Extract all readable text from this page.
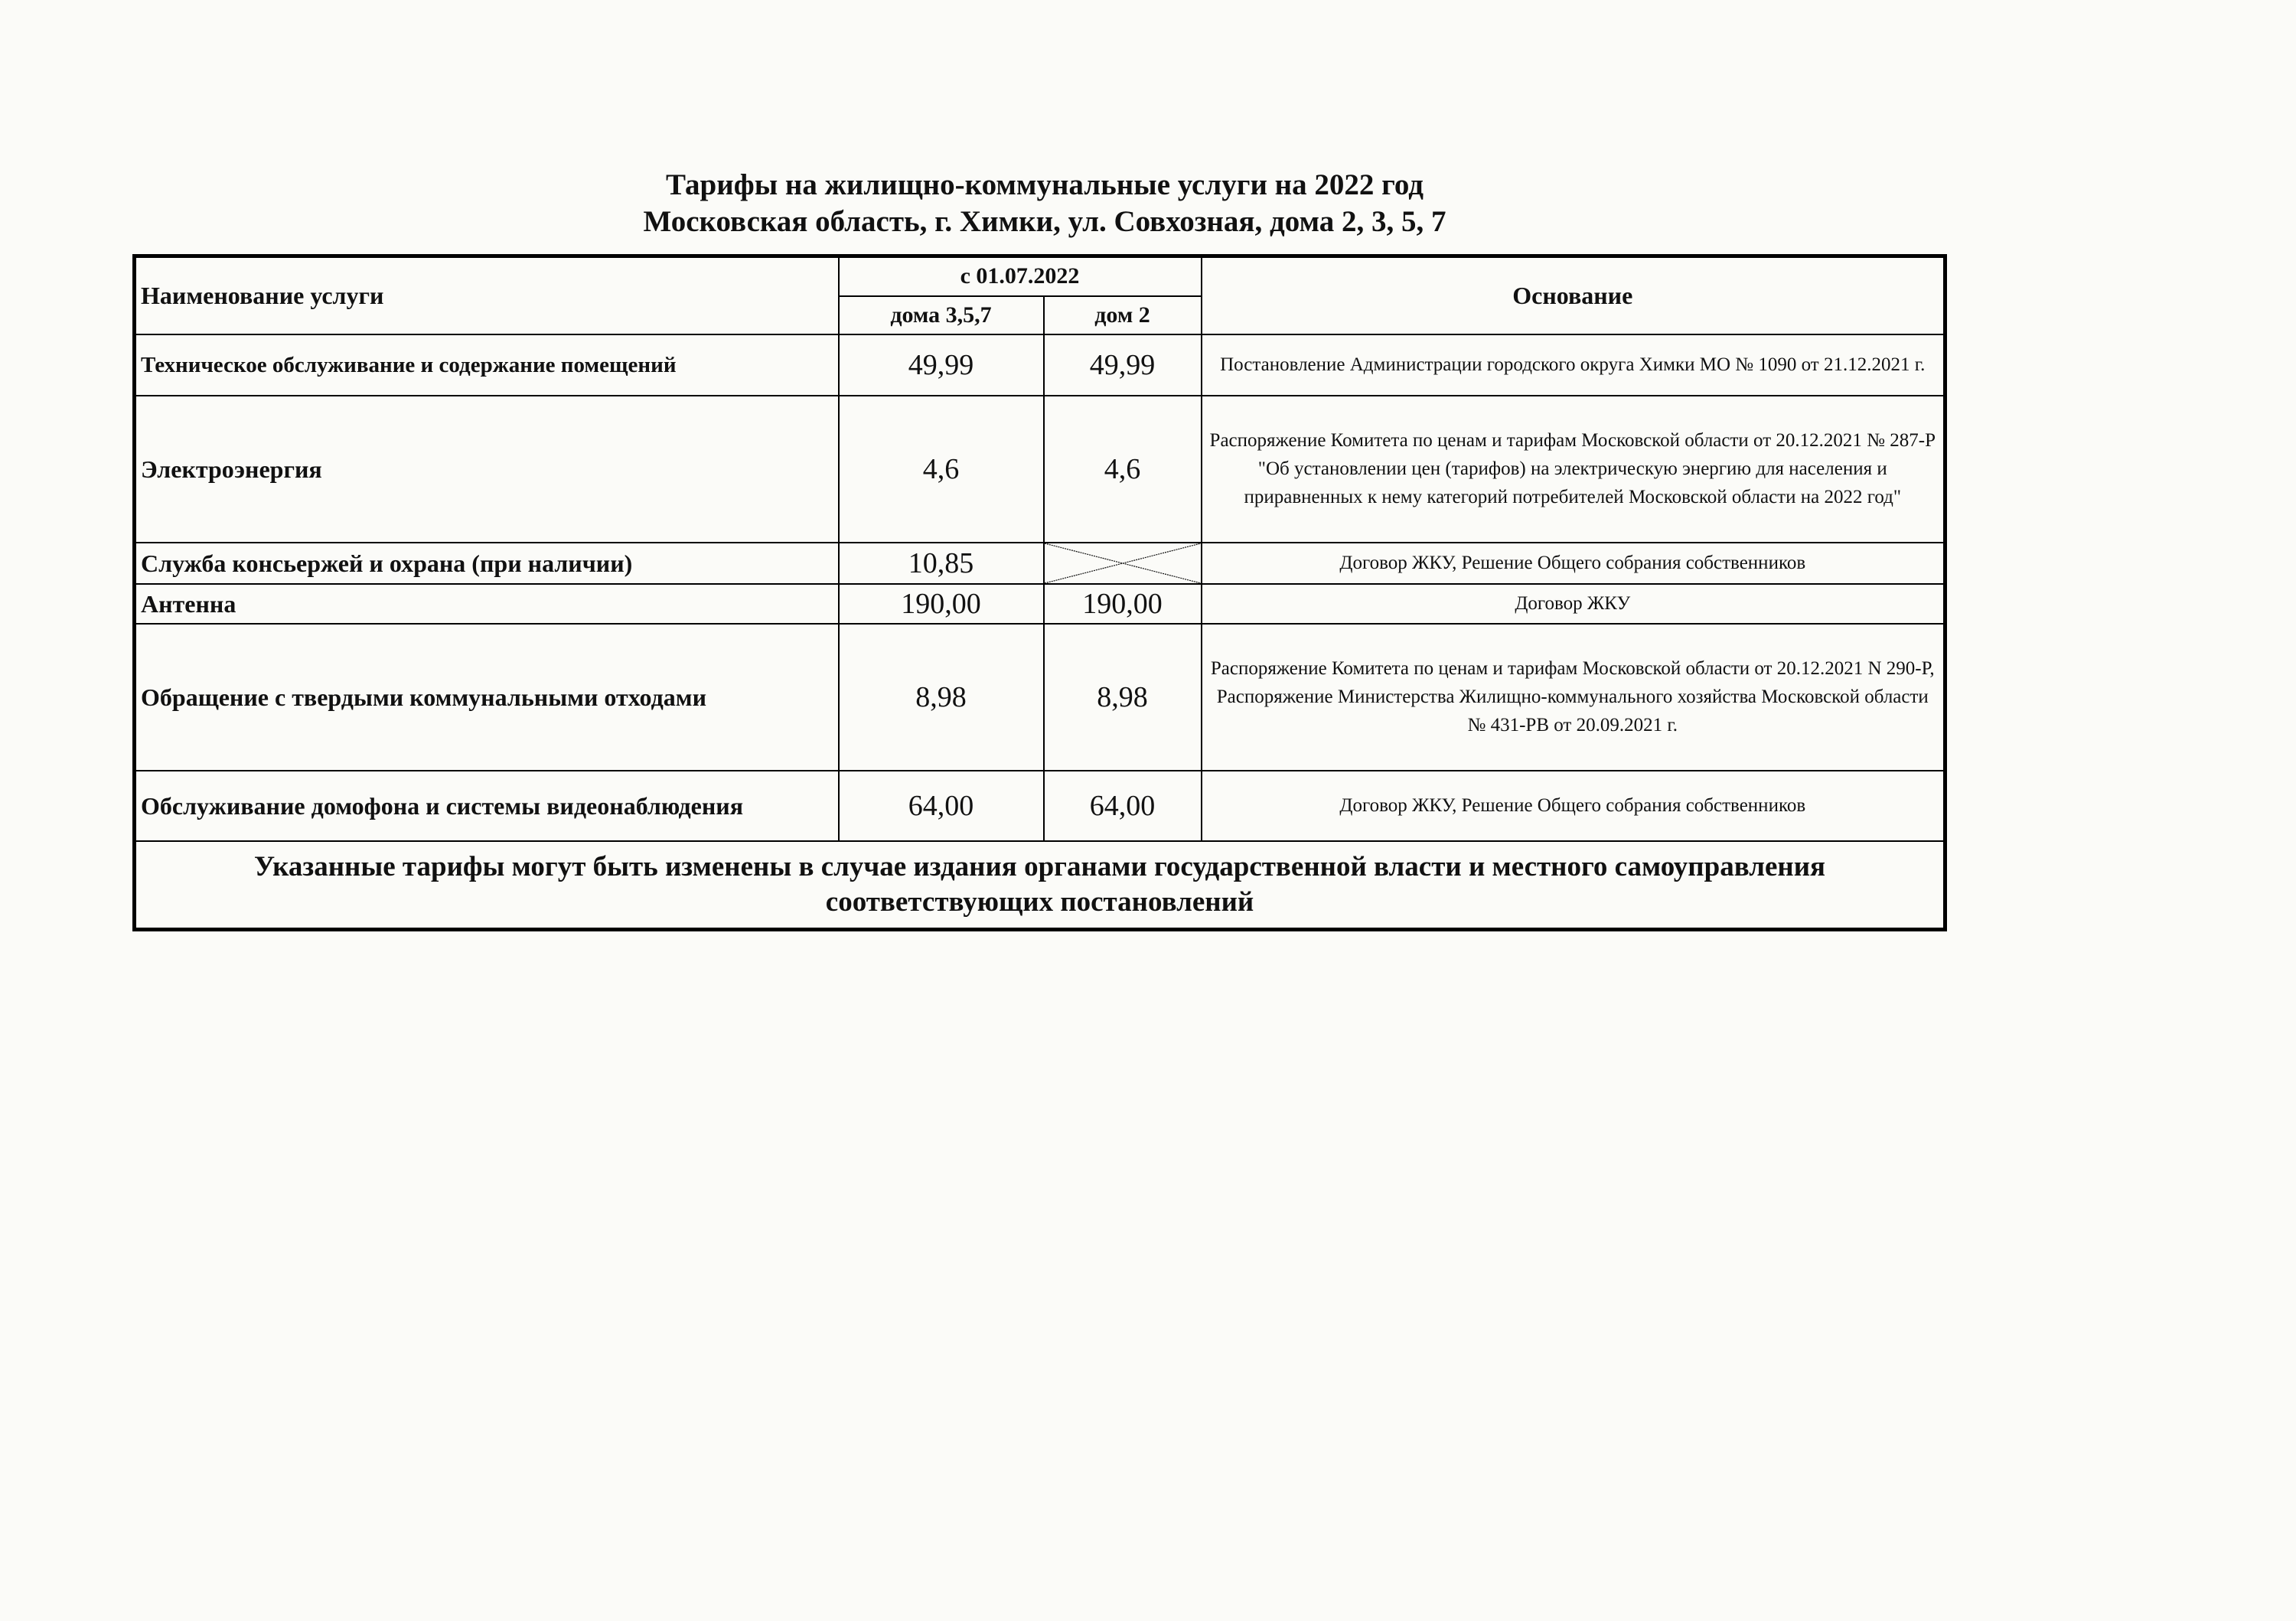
Тарифы на жилищно-коммунальные услуги на 2022 год
Московская область, г. Химки, ул. Совхозная, дома 2, 3, 5, 7
Наименование услуги	с 01.07.2022		Основание
	дома 3,5,7	дом 2	
Техническое обслуживание и содержание помещений	49,99	49,99	Постановление Администрации городского округа Химки МО № 1090 от 21.12.2021 г.
Электроэнергия	4,6	4,6	Распоряжение Комитета по ценам и тарифам Московской области от 20.12.2021 № 287-Р "Об установлении цен (тарифов) на электрическую энергию для населения и приравненных к нему категорий потребителей Московской области на 2022 год"
Служба консьержей и охрана (при наличии)	10,85		Договор ЖКУ, Решение Общего собрания собственников
Антенна	190,00	190,00	Договор ЖКУ
Обращение с твердыми коммунальными отходами	8,98	8,98	Распоряжение Комитета по ценам и тарифам Московской области от 20.12.2021 N 290-Р, Распоряжение Министерства Жилищно-коммунального хозяйства Московской области № 431-РВ от 20.09.2021 г.
Обслуживание домофона и системы видеонаблюдения	64,00	64,00	Договор ЖКУ, Решение Общего собрания собственников
Указанные тарифы могут быть изменены в случае издания органами государственной власти и местного самоуправления соответствующих постановлений			
